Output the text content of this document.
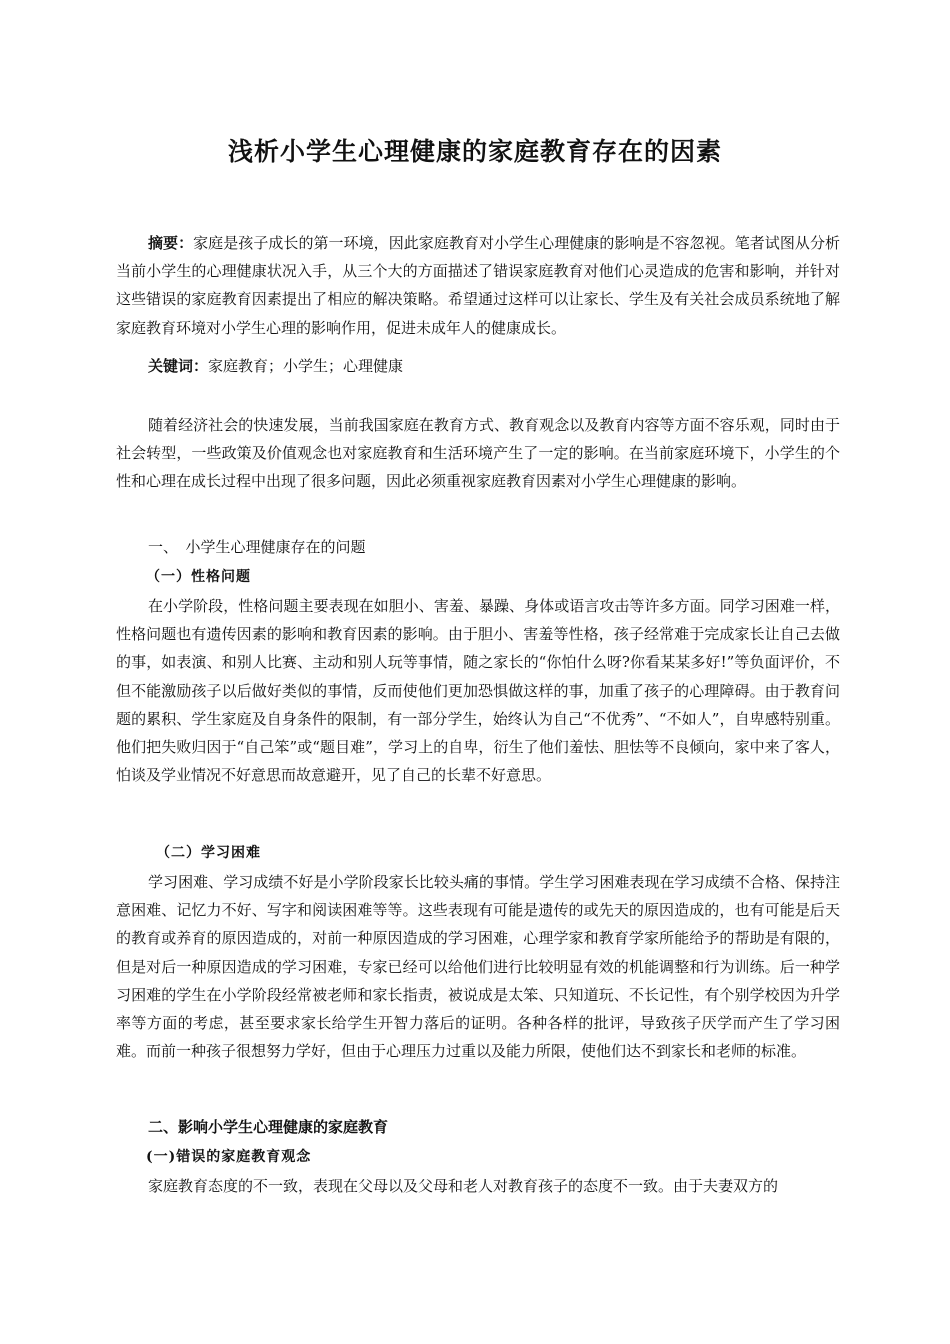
浅析小学生心理健康的家庭教育存在的因素

摘要：家庭是孩子成长的第一环境，因此家庭教育对小学生心理健康的影响是不容忽视。笔者试图从分析当前小学生的心理健康状况入手，从三个大的方面描述了错误家庭教育对他们心灵造成的危害和影响，并针对这些错误的家庭教育因素提出了相应的解决策略。希望通过这样可以让家长、学生及有关社会成员系统地了解家庭教育环境对小学生心理的影响作用，促进未成年人的健康成长。

关键词：家庭教育；小学生；心理健康

随着经济社会的快速发展，当前我国家庭在教育方式、教育观念以及教育内容等方面不容乐观，同时由于社会转型，一些政策及价值观念也对家庭教育和生活环境产生了一定的影响。在当前家庭环境下，小学生的个性和心理在成长过程中出现了很多问题，因此必须重视家庭教育因素对小学生心理健康的影响。

一、　小学生心理健康存在的问题

（一）性格问题

在小学阶段，性格问题主要表现在如胆小、害羞、暴躁、身体或语言攻击等许多方面。同学习困难一样，性格问题也有遗传因素的影响和教育因素的影响。由于胆小、害羞等性格，孩子经常难于完成家长让自己去做的事，如表演、和别人比赛、主动和别人玩等事情，随之家长的“你怕什么呀?你看某某多好!”等负面评价，不但不能激励孩子以后做好类似的事情，反而使他们更加恐惧做这样的事，加重了孩子的心理障碍。由于教育问题的累积、学生家庭及自身条件的限制，有一部分学生，始终认为自己“不优秀”、“不如人”，自卑感特别重。他们把失败归因于“自己笨”或“题目难”，学习上的自卑，衍生了他们羞怯、胆怯等不良倾向，家中来了客人，怕谈及学业情况不好意思而故意避开，见了自己的长辈不好意思。

（二）学习困难

学习困难、学习成绩不好是小学阶段家长比较头痛的事情。学生学习困难表现在学习成绩不合格、保持注意困难、记忆力不好、写字和阅读困难等等。这些表现有可能是遗传的或先天的原因造成的，也有可能是后天的教育或养育的原因造成的，对前一种原因造成的学习困难，心理学家和教育学家所能给予的帮助是有限的，但是对后一种原因造成的学习困难，专家已经可以给他们进行比较明显有效的机能调整和行为训练。后一种学习困难的学生在小学阶段经常被老师和家长指责，被说成是太笨、只知道玩、不长记性，有个别学校因为升学率等方面的考虑，甚至要求家长给学生开智力落后的证明。各种各样的批评，导致孩子厌学而产生了学习困难。而前一种孩子很想努力学好，但由于心理压力过重以及能力所限，使他们达不到家长和老师的标准。

二、影响小学生心理健康的家庭教育

(一)错误的家庭教育观念

家庭教育态度的不一致，表现在父母以及父母和老人对教育孩子的态度不一致。由于夫妻双方的
